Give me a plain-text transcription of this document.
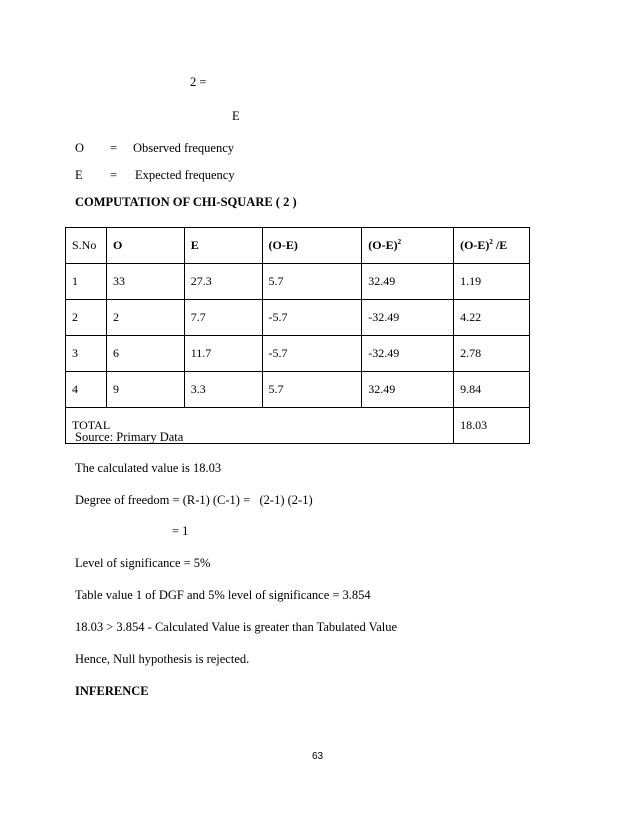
2 =
E
O = Observed frequency
E = Expected frequency
COMPUTATION OF CHI-SQUARE ( 2 )
S.No	O	E	(O-E)	$(O-E)^2$	$(O-E)^2$ /E
1	33	27.3	5.7	32.49	1.19
2	2	7.7	-5.7	-32.49	4.22
3	6	11.7	-5.7	-32.49	2.78
4	9	3.3	5.7	32.49	9.84
TOTAL					18.03
Source: Primary Data
The calculated value is 18.03
Degree of freedom = (R-1) (C-1) =   (2-1) (2-1)
= 1
Level of significance = 5%
Table value 1 of DGF and 5% level of significance = 3.854
18.03 > 3.854 - Calculated Value is greater than Tabulated Value
Hence, Null hypothesis is rejected.
INFERENCE
63
